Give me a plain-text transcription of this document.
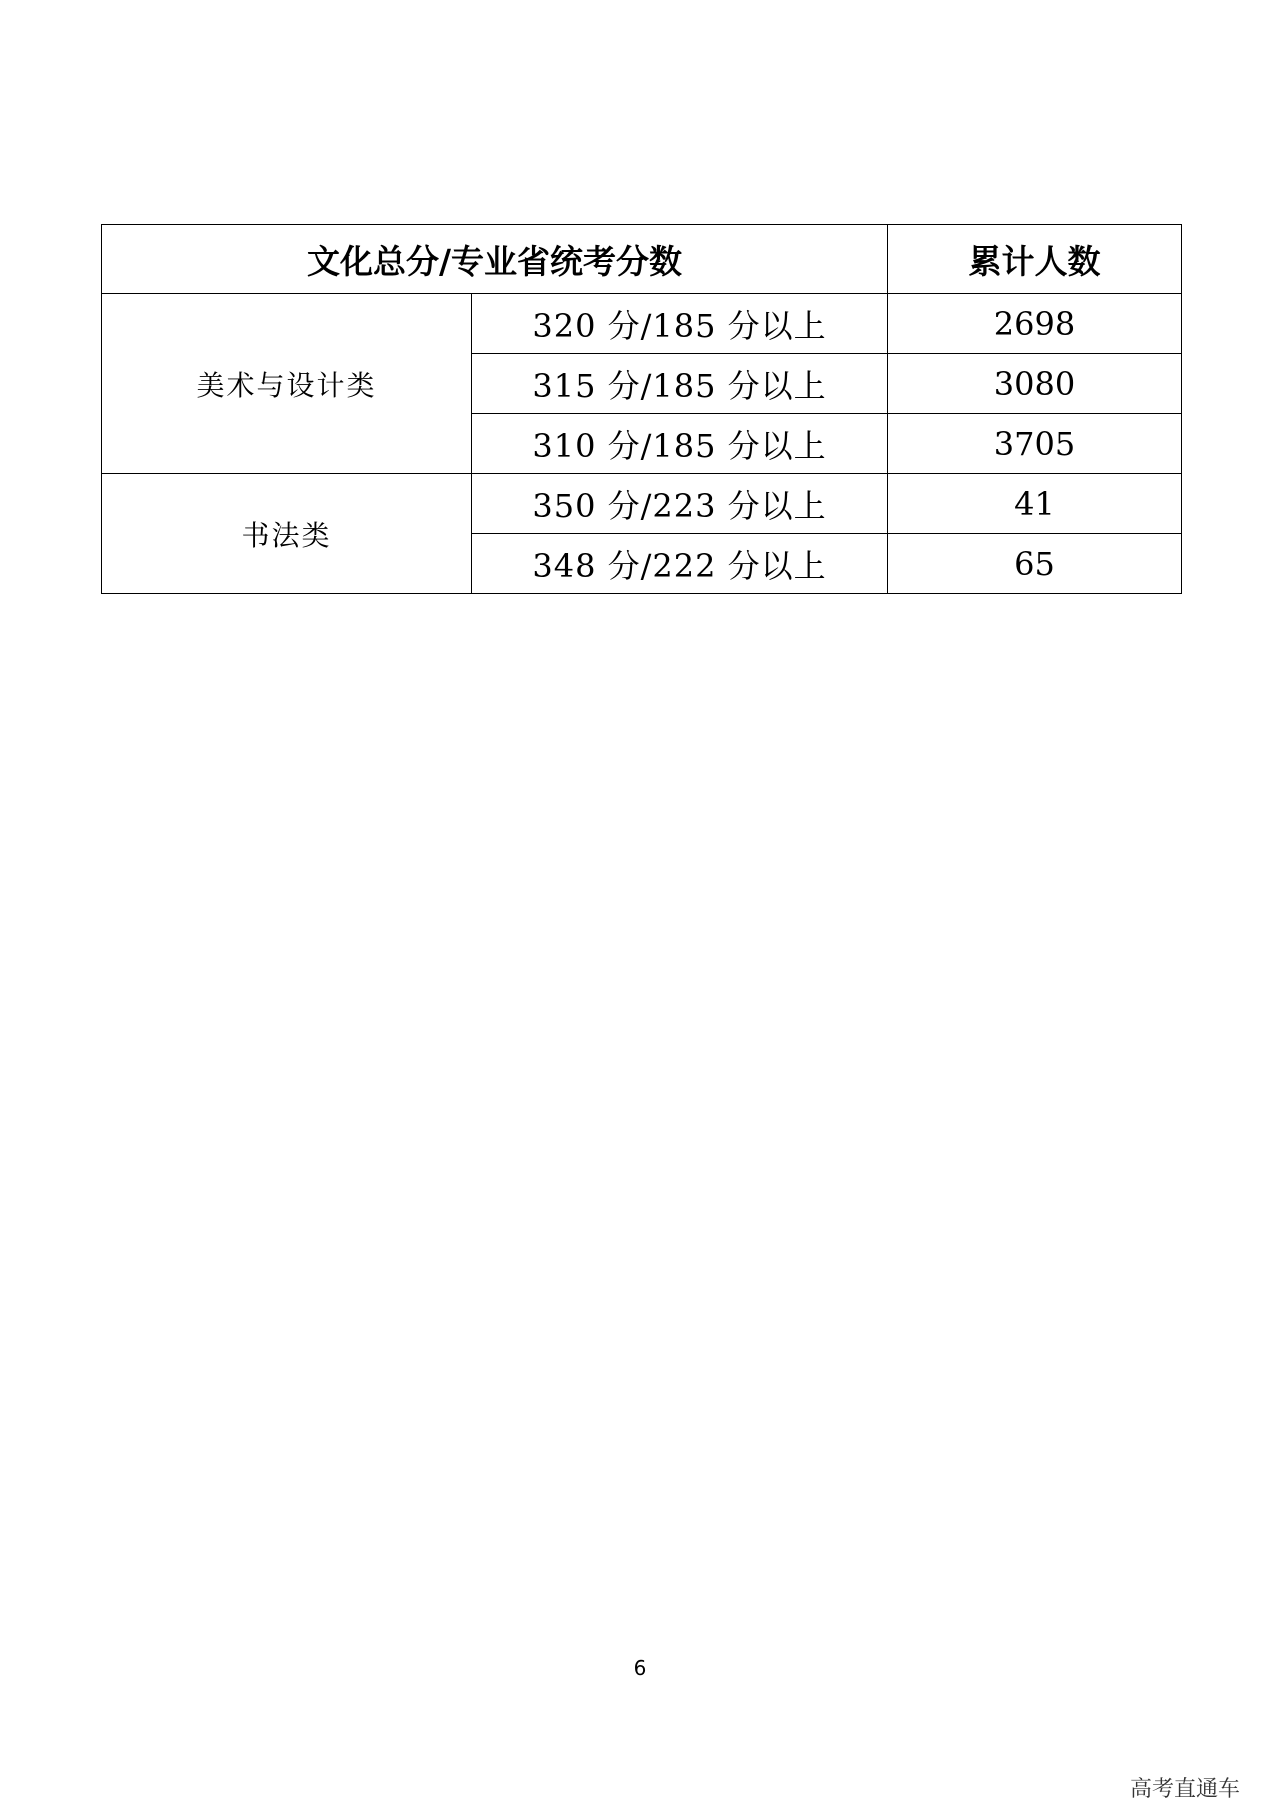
文化总分/专业省统考分数		累计人数
美术与设计类	320 分/185 分以上	2698
	315 分/185 分以上	3080
	310 分/185 分以上	3705
书法类	350 分/223 分以上	41
	348 分/222 分以上	65
6
高考直通车
